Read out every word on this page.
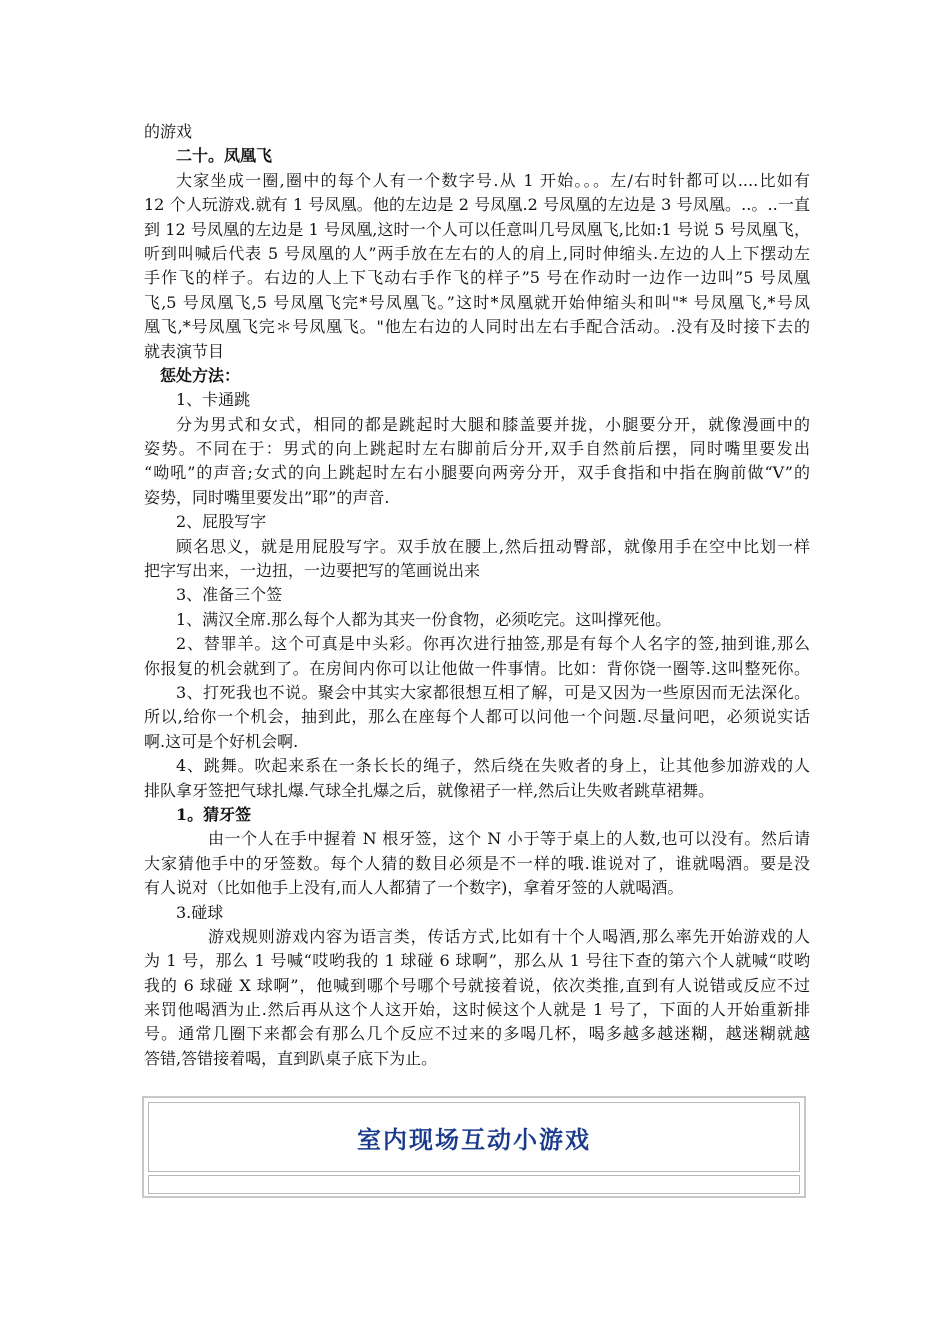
的游戏
二十。凤凰飞
大家坐成一圈,圈中的每个人有一个数字号.从 1 开始。。。左/右时针都可以....比如有
12 个人玩游戏.就有 1 号凤凰。他的左边是 2 号凤凰.2 号凤凰的左边是 3 号凤凰。..。..一直
到 12 号凤凰的左边是 1 号凤凰,这时一个人可以任意叫几号凤凰飞,比如:1 号说 5 号凤凰飞，
听到叫喊后代表 5 号凤凰的人”两手放在左右的人的肩上,同时伸缩头.左边的人上下摆动左
手作飞的样子。右边的人上下飞动右手作飞的样子”5 号在作动时一边作一边叫”5 号凤凰
飞,5 号凤凰飞,5 号凤凰飞完*号凤凰飞。”这时*凤凰就开始伸缩头和叫"* 号凤凰飞,*号凤
凰飞,*号凤凰飞完＊号凤凰飞。"他左右边的人同时出左右手配合活动。.没有及时接下去的
就表演节目
惩处方法：
1、卡通跳
分为男式和女式，相同的都是跳起时大腿和膝盖要并拢，小腿要分开，就像漫画中的
姿势。不同在于：男式的向上跳起时左右脚前后分开,双手自然前后摆，同时嘴里要发出
“呦吼”的声音;女式的向上跳起时左右小腿要向两旁分开，双手食指和中指在胸前做“V”的
姿势，同时嘴里要发出”耶”的声音.
2、屁股写字
顾名思义，就是用屁股写字。双手放在腰上,然后扭动臀部，就像用手在空中比划一样
把字写出来，一边扭，一边要把写的笔画说出来
3、准备三个签
1、满汉全席.那么每个人都为其夹一份食物，必须吃完。这叫撑死他。
2、替罪羊。这个可真是中头彩。你再次进行抽签,那是有每个人名字的签,抽到谁,那么
你报复的机会就到了。在房间内你可以让他做一件事情。比如：背你饶一圈等.这叫整死你。
3、打死我也不说。聚会中其实大家都很想互相了解，可是又因为一些原因而无法深化。
所以,给你一个机会，抽到此，那么在座每个人都可以问他一个问题.尽量问吧，必须说实话
啊.这可是个好机会啊.
4、跳舞。吹起来系在一条长长的绳子，然后绕在失败者的身上，让其他参加游戏的人
排队拿牙签把气球扎爆.气球全扎爆之后，就像裙子一样,然后让失败者跳草裙舞。
1。猜牙签
由一个人在手中握着 N 根牙签，这个 N 小于等于桌上的人数,也可以没有。然后请
大家猜他手中的牙签数。每个人猜的数目必须是不一样的哦.谁说对了，谁就喝酒。要是没
有人说对（比如他手上没有,而人人都猜了一个数字)，拿着牙签的人就喝酒。
3.碰球
游戏规则游戏内容为语言类，传话方式,比如有十个人喝酒,那么率先开始游戏的人
为 1 号，那么 1 号喊“哎哟我的 1 球碰 6 球啊”，那么从 1 号往下查的第六个人就喊“哎哟
我的 6 球碰 X 球啊”，他喊到哪个号哪个号就接着说，依次类推,直到有人说错或反应不过
来罚他喝酒为止.然后再从这个人这开始，这时候这个人就是 1 号了，下面的人开始重新排
号。通常几圈下来都会有那么几个反应不过来的多喝几杯，喝多越多越迷糊，越迷糊就越
答错,答错接着喝，直到趴桌子底下为止。
室内现场互动小游戏
